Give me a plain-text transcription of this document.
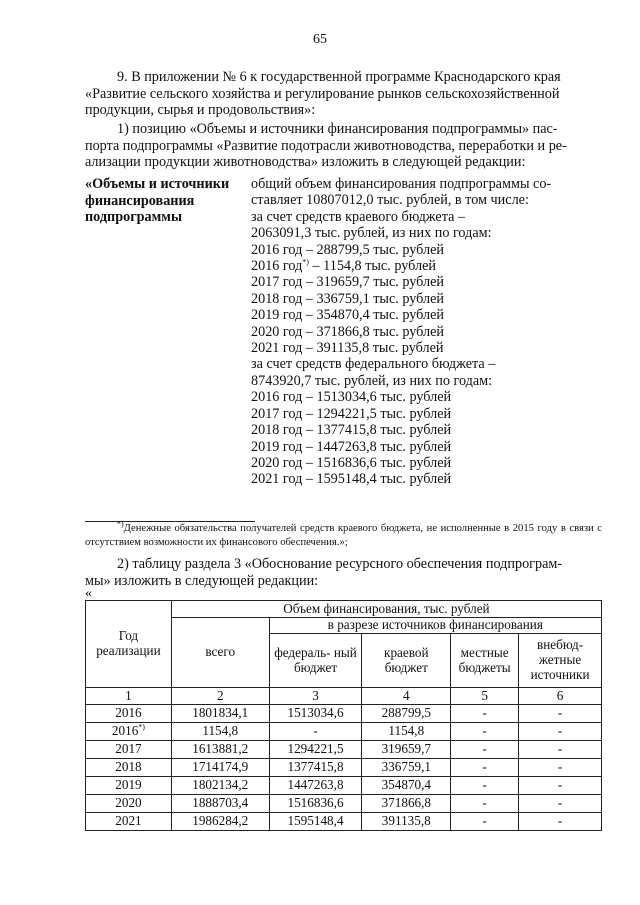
65
9. В приложении № 6 к государственной программе Краснодарского края
«Развитие сельского хозяйства и регулирование рынков сельскохозяйственной
продукции, сырья и продовольствия»:
1) позицию «Объемы и источники финансирования подпрограммы» пас-
порта подпрограммы «Развитие подотрасли животноводства, переработки и ре-
ализации продукции животноводства» изложить в следующей редакции:
«Объемы и источники
финансирования
подпрограммы
общий объем финансирования подпрограммы со-
ставляет 10807012,0 тыс. рублей, в том числе:
за счет средств краевого бюджета –
2063091,3 тыс. рублей, из них по годам:
2016 год – 288799,5 тыс. рублей
2016 год*) – 1154,8 тыс. рублей
2017 год – 319659,7 тыс. рублей
2018 год – 336759,1 тыс. рублей
2019 год – 354870,4 тыс. рублей
2020 год – 371866,8 тыс. рублей
2021 год – 391135,8 тыс. рублей
за счет средств федерального бюджета –
8743920,7 тыс. рублей, из них по годам:
2016 год – 1513034,6 тыс. рублей
2017 год – 1294221,5 тыс. рублей
2018 год – 1377415,8 тыс. рублей
2019 год – 1447263,8 тыс. рублей
2020 год – 1516836,6 тыс. рублей
2021 год – 1595148,4 тыс. рублей
*)Денежные обязательства получателей средств краевого бюджета, не исполненные в 2015 году в связи с отсутствием возможности их финансового обеспечения.»;
2) таблицу раздела 3 «Обоснование ресурсного обеспечения подпрограм-
мы» изложить в следующей редакции:
«
Год реализации	Объем финансирования, тыс. рублей				
	всего	в разрезе источников финансирования			
		федераль- ный бюджет	краевой бюджет	местные бюджеты	внебюд- жетные источники
1	2	3	4	5	6
2016	1801834,1	1513034,6	288799,5	-	-
2016*)	1154,8	-	1154,8	-	-
2017	1613881,2	1294221,5	319659,7	-	-
2018	1714174,9	1377415,8	336759,1	-	-
2019	1802134,2	1447263,8	354870,4	-	-
2020	1888703,4	1516836,6	371866,8	-	-
2021	1986284,2	1595148,4	391135,8	-	-
